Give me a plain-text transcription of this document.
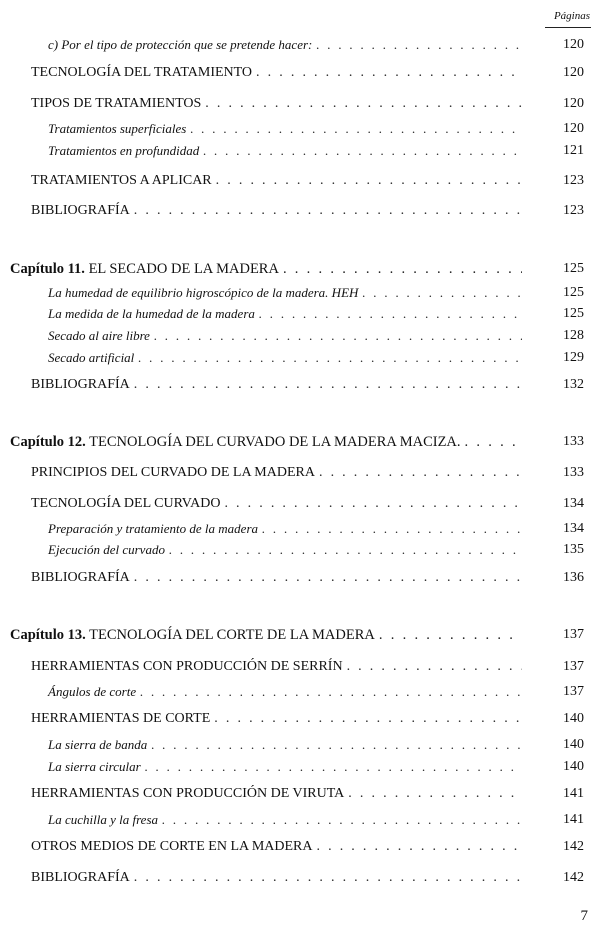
Páginas
c) Por el tipo de protección que se pretende hacer: . . .	120
TECNOLOGÍA DEL TRATAMIENTO . . .	120
TIPOS DE TRATAMIENTOS . . .	120
Tratamientos superficiales . . .	120
Tratamientos en profundidad . . .	121
TRATAMIENTOS A APLICAR . . .	123
BIBLIOGRAFÍA . . .	123
Capítulo 11. EL SECADO DE LA MADERA . . .	125
La humedad de equilibrio higroscópico de la madera. HEH . . .	125
La medida de la humedad de la madera . . .	125
Secado al aire libre . . .	128
Secado artificial . . .	129
BIBLIOGRAFÍA . . .	132
Capítulo 12. TECNOLOGÍA DEL CURVADO DE LA MADERA MACIZA. . . .	133
PRINCIPIOS DEL CURVADO DE LA MADERA . . .	133
TECNOLOGÍA DEL CURVADO . . .	134
Preparación y tratamiento de la madera . . .	134
Ejecución del curvado . . .	135
BIBLIOGRAFÍA . . .	136
Capítulo 13. TECNOLOGÍA DEL CORTE DE LA MADERA . . .	137
HERRAMIENTAS CON PRODUCCIÓN DE SERRÍN . . .	137
Ángulos de corte . . .	137
HERRAMIENTAS DE CORTE . . .	140
La sierra de banda . . .	140
La sierra circular . . .	140
HERRAMIENTAS CON PRODUCCIÓN DE VIRUTA . . .	141
La cuchilla y la fresa . . .	141
OTROS MEDIOS DE CORTE EN LA MADERA . . .	142
BIBLIOGRAFÍA . . .	142
7
